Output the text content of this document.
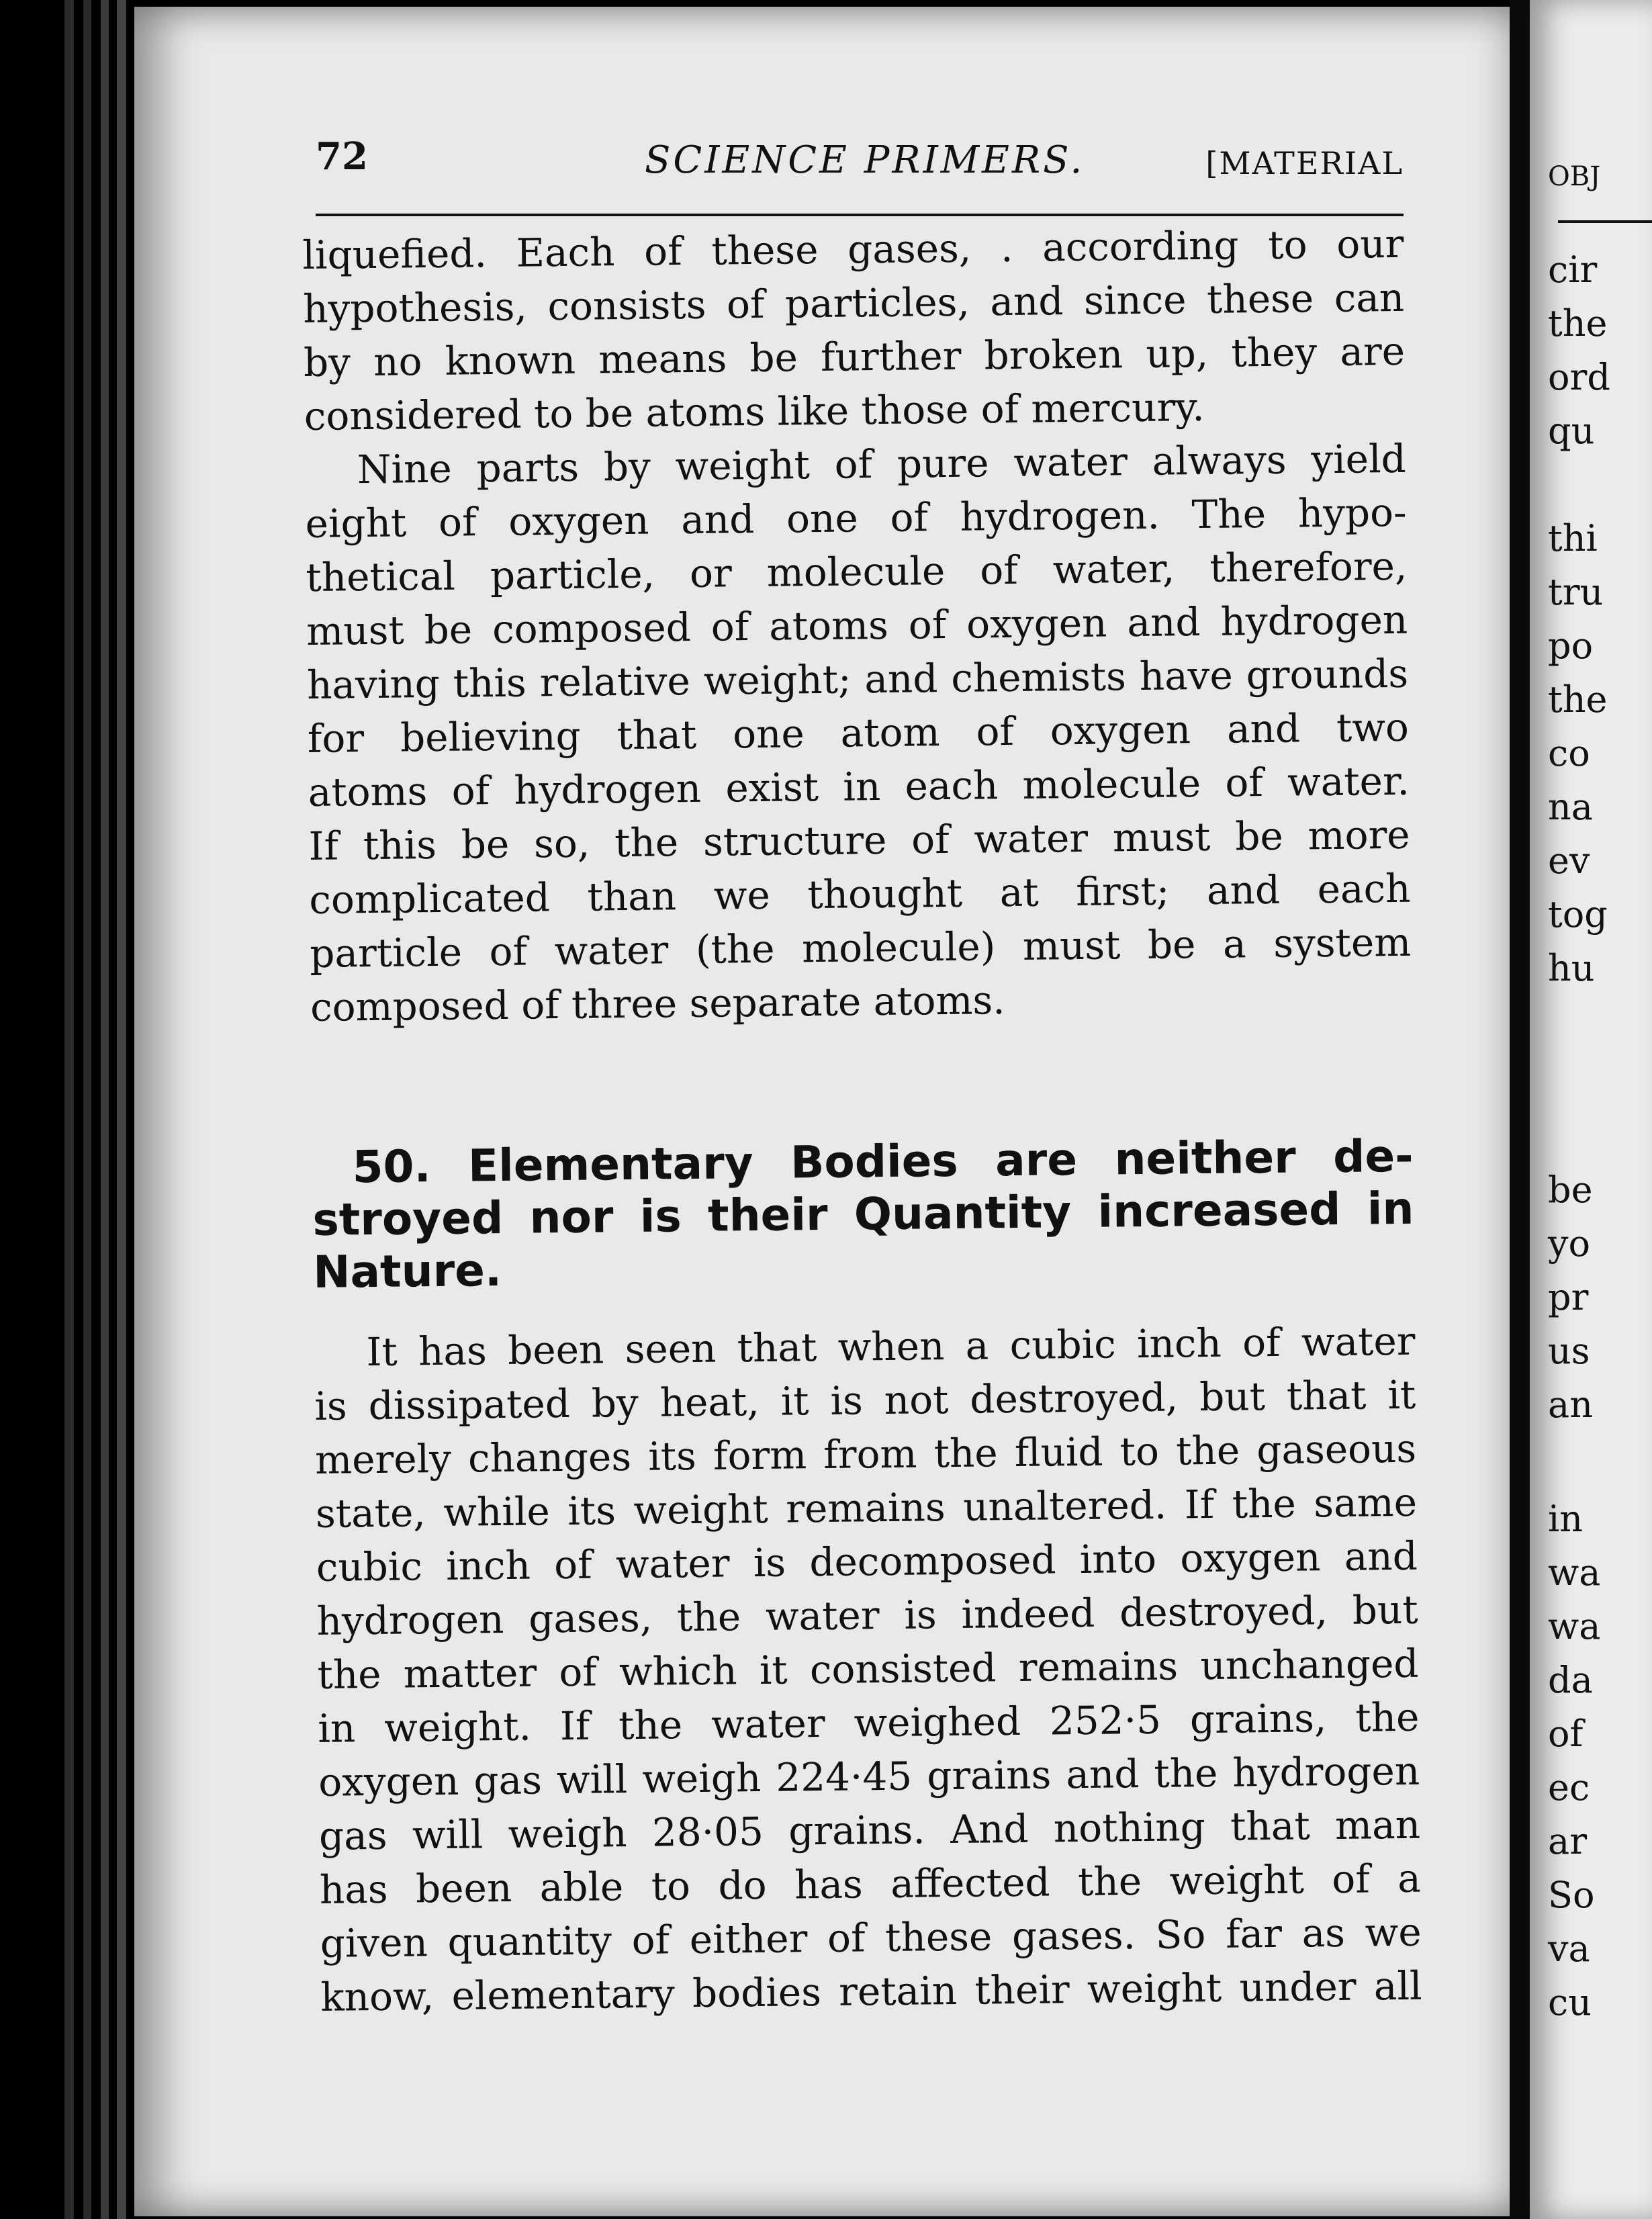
72	SCIENCE PRIMERS.	[MATERIAL
liquefied. Each of these gases, . according to our
hypothesis, consists of particles, and since these can
by no known means be further broken up, they are
considered to be atoms like those of mercury.
Nine parts by weight of pure water always yield
eight of oxygen and one of hydrogen. The hypo-
thetical particle, or molecule of water, therefore,
must be composed of atoms of oxygen and hydrogen
having this relative weight; and chemists have grounds
for believing that one atom of oxygen and two
atoms of hydrogen exist in each molecule of water.
If this be so, the structure of water must be more
complicated than we thought at first; and each
particle of water (the molecule) must be a system
composed of three separate atoms.
50. Elementary Bodies are neither de-
stroyed nor is their Quantity increased in
Nature.
It has been seen that when a cubic inch of water
is dissipated by heat, it is not destroyed, but that it
merely changes its form from the fluid to the gaseous
state, while its weight remains unaltered. If the same
cubic inch of water is decomposed into oxygen and
hydrogen gases, the water is indeed destroyed, but
the matter of which it consisted remains unchanged
in weight. If the water weighed 252·5 grains, the
oxygen gas will weigh 224·45 grains and the hydrogen
gas will weigh 28·05 grains. And nothing that man
has been able to do has affected the weight of a
given quantity of either of these gases. So far as we
know, elementary bodies retain their weight under all
OBJ
cir
the
ord
qu
thi
tru
po
the
co
na
ev
tog
hu
be
yo
pr
us
an
in
wa
wa
da
of
ec
ar
So
va
cu
